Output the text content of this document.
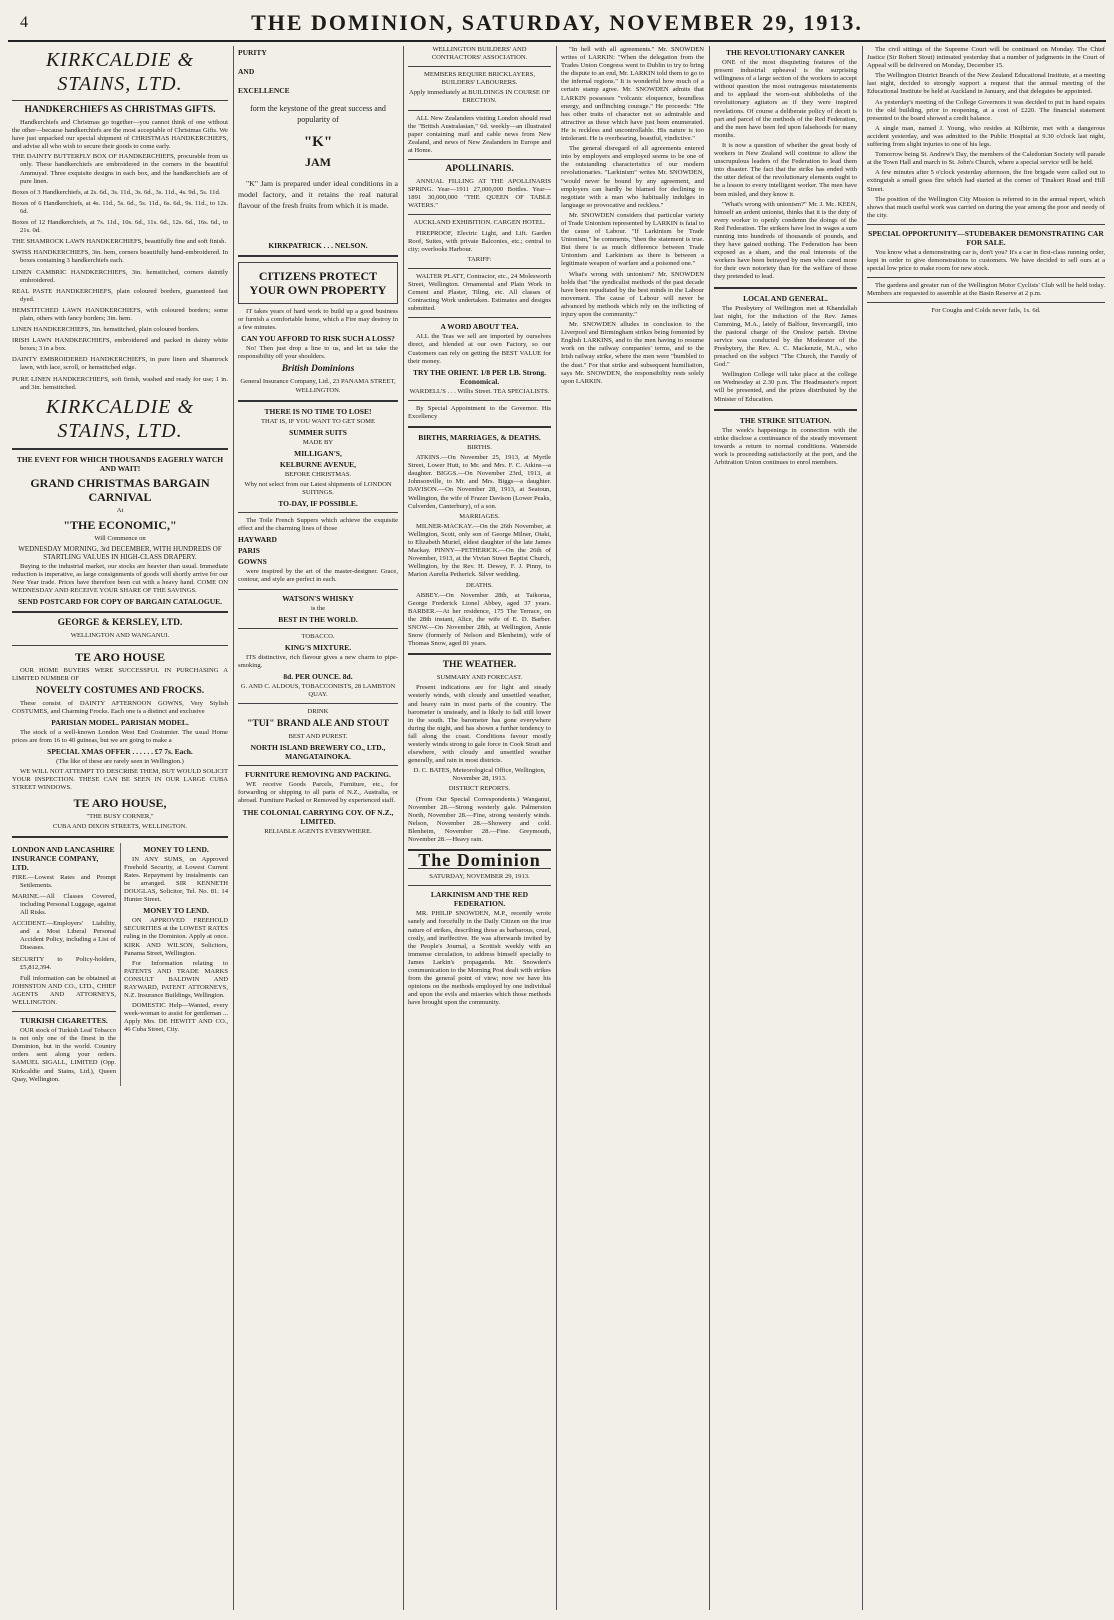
4	THE DOMINION, SATURDAY, NOVEMBER 29, 1913.
KIRKCALDIE & STAINS, LTD.
HANDKERCHIEFS AS CHRISTMAS GIFTS.

Handkerchiefs and Christmas go together—you cannot think of one without the other—because handkerchiefs are the most acceptable of Christmas Gifts. We have just unpacked our special shipment of CHRISTMAS HANDKERCHIEFS, and advise all who wish to secure their goods to come early.

THE DAINTY BUTTERFLY BOX OF HANDKERCHIEFS, procurable from us only. These handkerchiefs are embroidered in the corners in the beautiful Ammuyaf. Three exquisite designs in each box, and the handkerchiefs are of pure linen.

Boxes of 3 Handkerchiefs, at 2s. 6d., 3s. 11d., 3s. 6d., 3s. 11d., 4s. 9d., 5s. 11d.

Boxes of 6 Handkerchiefs, at 4s. 11d., 5s. 6d., 5s. 11d., 6s. 6d., 9s. 11d., to 12s. 6d.

Boxes of 12 Handkerchiefs, at 7s. 11d., 10s. 6d., 11s. 6d., 12s. 6d., 16s. 6d., to 21s. 0d.

THE SHAMROCK LAWN HANDKERCHIEFS, beautifully fine and soft finish.

SWISS HANDKERCHIEFS, 3in. hem, corners beautifully hand-embroidered. In boxes containing 3 handkerchiefs each.

LINEN CAMBRIC HANDKERCHIEFS, 3in. hemstitched, corners daintily embroidered.

REAL PASTE HANDKERCHIEFS, plain coloured borders, guaranteed fast dyed.

HEMSTITCHED LAWN HANDKERCHIEFS, with coloured borders; some plain, others with fancy borders; 3in. hem.

LINEN HANDKERCHIEFS, 3in. hemstitched, plain coloured borders.

IRISH LAWN HANDKERCHIEFS, embroidered and packed in dainty white boxes; 3 in a box.

DAINTY EMBROIDERED HANDKERCHIEFS, in pure linen and Shamrock lawn, with lace, scroll, or hemstitched edge.

PURE LINEN HANDKERCHIEFS, soft finish, washed and ready for use; 1 in. and 3in. hemstitched.

KIRKCALDIE & STAINS, LTD.
THE EVENT FOR WHICH THOUSANDS EAGERLY WATCH AND WAIT!
GRAND CHRISTMAS BARGAIN CARNIVAL

At

"THE ECONOMIC,"

Will Commence on

WEDNESDAY MORNING, 3rd DECEMBER, WITH HUNDREDS OF STARTLING VALUES IN HIGH-CLASS DRAPERY.

Buying to the industrial market, our stocks are heavier than usual. Immediate reduction is imperative, as large consignments of goods will shortly arrive for our New Year trade. Prices have therefore been cut with a heavy hand. COME ON WEDNESDAY AND RECEIVE YOUR SHARE OF THE SAVINGS.

SEND POSTCARD FOR COPY OF BARGAIN CATALOGUE.
GEORGE & KERSLEY, LTD.

WELLINGTON AND WANGANUI.

TE ARO HOUSE

OUR HOME BUYERS WERE SUCCESSFUL IN PURCHASING A LIMITED NUMBER OF

NOVELTY COSTUMES AND FROCKS.

These consist of DAINTY AFTERNOON GOWNS, Very Stylish COSTUMES, and Charming Frocks. Each one is a distinct and exclusive

PARISIAN MODEL. PARISIAN MODEL.

The stock of a well-known London West End Costumier. The usual Home prices are from 16 to 40 guineas, but we are going to make a

SPECIAL XMAS OFFER . . . . . . £7 7s. Each.

(The like of these are rarely seen in Wellington.)

WE WILL NOT ATTEMPT TO DESCRIBE THEM, BUT WOULD SOLICIT YOUR INSPECTION. THESE CAN BE SEEN IN OUR LARGE CUBA STREET WINDOWS.

TE ARO HOUSE,

"THE BUSY CORNER,"

CUBA AND DIXON STREETS, WELLINGTON.

LONDON AND LANCASHIRE INSURANCE COMPANY, LTD.

FIRE.—Lowest Rates and Prompt Settlements.

MARINE.—All Classes Covered, including Personal Luggage, against All Risks.

ACCIDENT.—Employers' Liability, and a Most Liberal Personal Accident Policy, including a List of Diseases.

SECURITY to Policy-holders, £5,812,394.

Full information can be obtained at JOHNSTON AND CO., LTD., CHIEF AGENTS AND ATTORNEYS, WELLINGTON.

TURKISH CIGARETTES.

OUR stock of Turkish Leaf Tobacco is not only one of the finest in the Dominion, but in the world. Country orders sent along your orders. SAMUEL SIGALL, LIMITED (Opp. Kirkcaldie and Stains, Ltd.), Queen Quay, Wellington.

MONEY TO LEND.

IN ANY SUMS, on Approved Freehold Security, at Lowest Current Rates. Repayment by instalments can be arranged. SIR KENNETH DOUGLAS, Solicitor, Tel. No. 81. 14 Hunter Street.

MONEY TO LEND.

ON APPROVED FREEHOLD SECURITIES at the LOWEST RATES ruling in the Dominion. Apply at once. KIRK AND WILSON, Solicitors, Panama Street, Wellington.

For Information relating to PATENTS AND TRADE MARKS CONSULT BALDWIN AND RAYWARD, PATENT ATTORNEYS, N.Z. Insurance Buildings, Wellington.

DOMESTIC Help—Wanted, every week-woman to assist for gentleman ... Apply Mrs. DE HEWITT AND CO., 46 Cuba Street, City.

PURITY
AND
EXCELLENCE

form the keystone of the great success and popularity of

"K"
JAM

"K" Jam is prepared under ideal conditions in a model factory, and it retains the real natural flavour of the fresh fruits from which it is made.

KIRKPATRICK . . . NELSON.
CITIZENS PROTECT YOUR OWN PROPERTY

IT takes years of hard work to build up a good business or furnish a comfortable home, which a Fire may destroy in a few minutes.

CAN YOU AFFORD TO RISK SUCH A LOSS?

No! Then just drop a line to us, and let us take the responsibility off your shoulders.

British Dominions

General Insurance Company, Ltd., 23 PANAMA STREET, WELLINGTON.

THERE IS NO TIME TO LOSE!

THAT IS, IF YOU WANT TO GET SOME

SUMMER SUITS

MADE BY

MILLIGAN'S,
KELBURNE AVENUE,

BEFORE CHRISTMAS.

Why not select from our Latest shipments of LONDON SUITINGS.

TO-DAY, IF POSSIBLE.

The Toile French Suppers which achieve the exquisite effect and the charming lines of those

HAYWARD
PARIS
GOWNS

were inspired by the art of the master-designer. Grace, contour, and style are perfect in each.

WATSON'S WHISKY

is the

BEST IN THE WORLD.

TOBACCO.

KING'S MIXTURE.

ITS distinctive, rich flavour gives a new charm to pipe-smoking.

8d. PER OUNCE. 8d.

G. AND C. ALDOUS, TOBACCONISTS, 28 LAMBTON QUAY.

DRINK

"TUI" BRAND ALE AND STOUT

BEST AND PUREST.

NORTH ISLAND BREWERY CO., LTD., MANGATAINOKA.
FURNITURE REMOVING AND PACKING.

WE receive Goods Parcels, Furniture, etc., for forwarding or shipping to all parts of N.Z., Australia, or abroad. Furniture Packed or Removed by experienced staff.

THE COLONIAL CARRYING COY. OF N.Z., LIMITED.

RELIABLE AGENTS EVERYWHERE.

WELLINGTON BUILDERS' AND CONTRACTORS' ASSOCIATION.

MEMBERS REQUIRE BRICKLAYERS, BUILDERS' LABOURERS.

Apply immediately at BUILDINGS IN COURSE OF ERECTION.

ALL New Zealanders visiting London should read the "British Australasian," 6d. weekly—an illustrated paper containing mail and cable news from New Zealand, and news of New Zealanders in Europe and at Home.

APOLLINARIS.

ANNUAL FILLING AT THE APOLLINARIS SPRING. Year—1911 27,000,000 Bottles. Year—1891 30,000,000 "THE QUEEN OF TABLE WATERS."

AUCKLAND EXHIBITION. CARGEN HOTEL.

FIREPROOF, Electric Light, and Lift. Garden Roof, Suites, with private Balconies, etc.; central to city; overlooks Harbour.

TARIFF:

WALTER PLATT, Contractor, etc., 24 Molesworth Street, Wellington. Ornamental and Plain Work in Cement and Plaster, Tiling, etc. All classes of Contracting Work undertaken. Estimates and designs submitted.

A WORD ABOUT TEA.

ALL the Teas we sell are imported by ourselves direct, and blended at our own Factory, so our Customers can rely on getting the BEST VALUE for their money.

TRY THE ORIENT. 1/8 PER LB. Strong. Economical.

WARDELL'S . . . Willis Street. TEA SPECIALISTS.

By Special Appointment to the Governor. His Excellency

BIRTHS, MARRIAGES, & DEATHS.

BIRTHS.

ATKINS.—On November 25, 1913, at Myrtle Street, Lower Hutt, to Mr. and Mrs. F. C. Atkins—a daughter. BIGGS.—On November 23rd, 1913, at Johnsonville, to Mr. and Mrs. Biggs—a daughter. DAVISON.—On November 28, 1913, at Seatoun, Wellington, the wife of Frazer Davison (Lower Peaks, Culverden, Canterbury), of a son.

MARRIAGES.

MILNER-MACKAY.—On the 26th November, at Wellington, Scott, only son of George Milner, Otaki, to Elizabeth Muriel, eldest daughter of the late James Mackay. PINNY—PETHERICK.—On the 26th of November, 1913, at the Vivian Street Baptist Church, Wellington, by the Rev. H. Dewey, F. J. Pinny, to Marion Aurelia Petherick. Silver wedding.

DEATHS.

ABBEY.—On November 28th, at Taikorua, George Frederick Lionel Abbey, aged 37 years. BARBER.—At her residence, 175 The Terrace, on the 28th instant, Alice, the wife of E. D. Barber. SNOW.—On November 28th, at Wellington, Annie Snow (formerly of Nelson and Blenheim), wife of Thomas Snow, aged 81 years.

THE WEATHER.

SUMMARY AND FORECAST.

Present indications are for light and steady westerly winds, with cloudy and unsettled weather, and heavy rain in most parts of the country. The barometer is unsteady, and is likely to fall still lower in the south. The barometer has gone everywhere during the night, and has shown a further tendency to fall along the coast. Conditions favour mostly westerly winds strong to gale force in Cook Strait and elsewhere, with cloudy and unsettled weather generally, and rain in most districts.

D. C. BATES, Meteorological Office, Wellington, November 28, 1913.

DISTRICT REPORTS.

(From Our Special Correspondents.) Wanganui, November 28.—Strong westerly gale. Palmerston North, November 28.—Fine, strong westerly winds. Nelson, November 28.—Showery and cold. Blenheim, November 28.—Fine. Greymouth, November 28.—Heavy rain.

The Dominion

SATURDAY, NOVEMBER 29, 1913.

LARKINISM AND THE RED FEDERATION.

MR. PHILIP SNOWDEN, M.P., recently wrote sanely and forcefully in the Daily Citizen on the true nature of strikes, describing those as barbarous, cruel, costly, and ineffective. He was afterwards invited by the People's Journal, a Scottish weekly with an immense circulation, to address himself specially to James Larkin's propaganda. Mr. Snowden's communication to the Morning Post dealt with strikes from the general point of view; now we have his opinions on the methods employed by one individual and upon the evils and miseries which those methods have brought upon the community.

"In hell with all agreements." Mr. SNOWDEN writes of LARKIN: "When the delegation from the Trades Union Congress went to Dublin to try to bring the dispute to an end, Mr. LARKIN told them to go to the infernal regions." It is wonderful how much of a certain stamp agree. Mr. SNOWDEN admits that LARKIN possesses "volcanic eloquence, boundless energy, and unflinching courage." He proceeds: "He has other traits of character not so admirable and attractive as those which have just been enumerated. He is reckless and uncontrollable. His nature is too intolerant. He is overbearing, boastful, vindictive."

The general disregard of all agreements entered into by employers and employed seems to be one of the outstanding characteristics of our modern revolutionaries. "Larkinism" writes Mr. SNOWDEN, "would never be bound by any agreement, and employers can hardly be blamed for declining to negotiate with a man who habitually indulges in language so provocative and reckless."

Mr. SNOWDEN considers that particular variety of Trade Unionism represented by LARKIN is fatal to the cause of Labour. "If Larkinism be Trade Unionism," he comments, "then the statement is true. But there is as much difference between Trade Unionism and Larkinism as there is between a legitimate weapon of warfare and a poisoned one."

What's wrong with unionism? Mr. SNOWDEN holds that "the syndicalist methods of the past decade have been repudiated by the best minds in the Labour movement. The cause of Labour will never be advanced by methods which rely on the inflicting of injury upon the community."

Mr. SNOWDEN alludes in conclusion to the Liverpool and Birmingham strikes being fomented by English LARKINS, and to the men having to resume work on the railway companies' terms, and to the Irish railway strike, where the men were "humbled to the dust." For that strike and subsequent humiliation, says Mr. SNOWDEN, the responsibility rests solely upon LARKIN.

THE REVOLUTIONARY CANKER

ONE of the most disquieting features of the present industrial upheaval is the surprising willingness of a large section of the workers to accept without question the most outrageous misstatements and to applaud the worn-out shibboleths of the revolutionary agitators as if they were inspired revelations. Of course a deliberate policy of deceit is part and parcel of the methods of the Red Federation, and the men have been fed upon falsehoods for many months.

It is now a question of whether the great body of workers in New Zealand will continue to allow the unscrupulous leaders of the Federation to lead them into disaster. The fact that the strike has ended with the utter defeat of the revolutionary elements ought to be a lesson to every intelligent worker. The men have been misled, and they know it.

"What's wrong with unionism?" Mr. J. Mc. KEEN, himself an ardent unionist, thinks that it is the duty of every worker to openly condemn the doings of the Red Federation. The strikers have lost in wages a sum running into hundreds of thousands of pounds, and they have gained nothing. The Federation has been exposed as a sham, and the real interests of the workers have been betrayed by men who cared more for their own notoriety than for the welfare of those they pretended to lead.

LOCAL AND GENERAL.

The Presbytery of Wellington met at Khandallah last night, for the induction of the Rev. James Cumming, M.A., lately of Balfour, Invercargill, into the pastoral charge of the Onslow parish. Divine service was conducted by the Moderator of the Presbytery, the Rev. A. C. Mackenzie, M.A., who preached on the subject "The Church, the Family of God."

Wellington College will take place at the college on Wednesday at 2.30 p.m. The Headmaster's report will be presented, and the prizes distributed by the Minister of Education.

THE STRIKE SITUATION.

The week's happenings in connection with the strike disclose a continuance of the steady movement towards a return to normal conditions. Waterside work is proceeding satisfactorily at the port, and the Arbitration Union continues to enrol members.

The civil sittings of the Supreme Court will be continued on Monday. The Chief Justice (Sir Robert Stout) intimated yesterday that a number of judgments in the Court of Appeal will be delivered on Monday, December 15.

The Wellington District Branch of the New Zealand Educational Institute, at a meeting last night, decided to strongly support a request that the annual meeting of the Educational Institute be held at Auckland in January, and that delegates be appointed.

As yesterday's meeting of the College Governors it was decided to put in hand repairs to the old building, prior to reopening, at a cost of £220. The financial statement presented to the board showed a credit balance.

A single man, named J. Young, who resides at Kilbirnie, met with a dangerous accident yesterday, and was admitted to the Public Hospital at 9.30 o'clock last night, suffering from slight injuries to one of his legs.

Tomorrow being St. Andrew's Day, the members of the Caledonian Society will parade at the Town Hall and march to St. John's Church, where a special service will be held.

A few minutes after 5 o'clock yesterday afternoon, the fire brigade were called out to extinguish a small grass fire which had started at the corner of Tinakori Road and Hill Street.

The position of the Wellington City Mission is referred to in the annual report, which shows that much useful work was carried on during the year among the poor and needy of the city.

SPECIAL OPPORTUNITY—STUDEBAKER DEMONSTRATING CAR FOR SALE.

You know what a demonstrating car is, don't you? It's a car in first-class running order, kept in order to give demonstrations to customers. We have decided to sell ours at a special low price to make room for new stock.

The gardens and greater run of the Wellington Motor Cyclists' Club will be held today. Members are requested to assemble at the Basin Reserve at 2 p.m.

For Coughs and Colds never fails, 1s. 6d.
